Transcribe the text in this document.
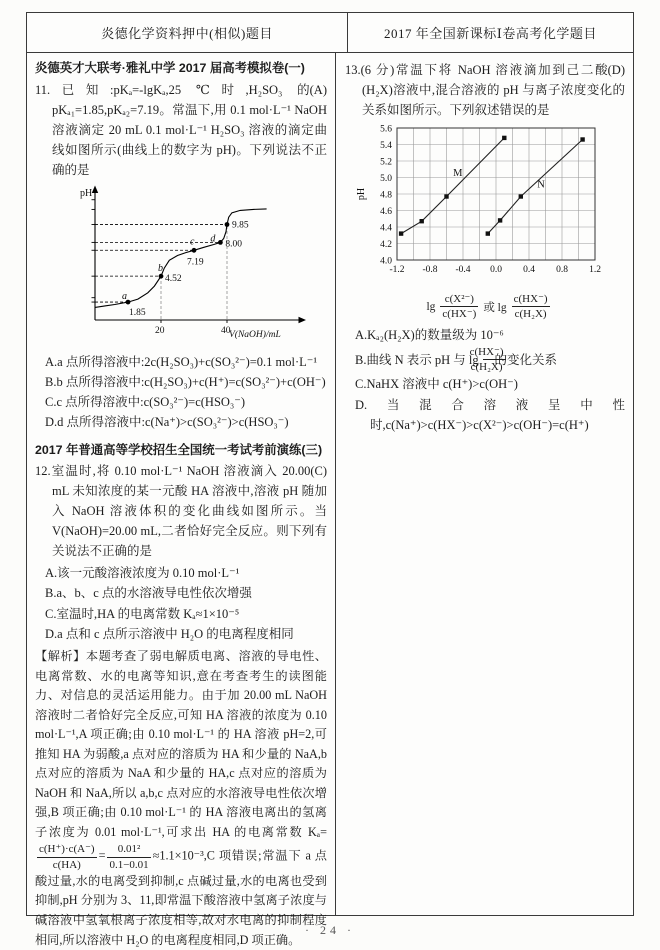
炎德化学资料押中(相似)题目	2017 年全国新课标Ⅰ卷高考化学题目
炎德英才大联考·雅礼中学 2017 届高考模拟卷(一)

(A)
11.已知:pKₐ=-lgKₐ,25 ℃时,H₂SO₃ 的 pKₐ₁=1.85,pKₐ₂=7.19。常温下,用 0.1 mol·L⁻¹ NaOH 溶液滴定 20 mL 0.1 mol·L⁻¹ H₂SO₃ 溶液的滴定曲线如图所示(曲线上的数字为 pH)。下列说法不正确的是

pH
V(NaOH)/mL
20	40
a
1.85
b
4.52
c
7.19
d 8.00
9.85
A.a 点所得溶液中:2c(H₂SO₃)+c(SO₃²⁻)=0.1 mol·L⁻¹
B.b 点所得溶液中:c(H₂SO₃)+c(H⁺)=c(SO₃²⁻)+c(OH⁻)
C.c 点所得溶液中:c(SO₃²⁻)=c(HSO₃⁻)
D.d 点所得溶液中:c(Na⁺)>c(SO₃²⁻)>c(HSO₃⁻)
2017 年普通高等学校招生全国统一考试考前演练(三)

(C)
12.室温时,将 0.10 mol·L⁻¹ NaOH 溶液滴入 20.00 mL 未知浓度的某一元酸 HA 溶液中,溶液 pH 随加入 NaOH 溶液体积的变化曲线如图所示。当 V(NaOH)=20.00 mL,二者恰好完全反应。则下列有关说法不正确的是

A.该一元酸溶液浓度为 0.10 mol·L⁻¹
B.a、b、c 点的水溶液导电性依次增强
C.室温时,HA 的电离常数 Kₐ≈1×10⁻⁵
D.a 点和 c 点所示溶液中 H₂O 的电离程度相同

【解析】本题考查了弱电解质电离、溶液的导电性、电离常数、水的电离等知识,意在考查考生的读图能力、对信息的灵活运用能力。由于加 20.00 mL NaOH 溶液时二者恰好完全反应,可知 HA 溶液的浓度为 0.10 mol·L⁻¹,A 项正确;由 0.10 mol·L⁻¹ 的 HA 溶液 pH=2,可推知 HA 为弱酸,a 点对应的溶质为 HA 和少量的 NaA,b 点对应的溶质为 NaA 和少量的 HA,c 点对应的溶质为 NaOH 和 NaA,所以 a,b,c 点对应的水溶液导电性依次增强,B 项正确;由 0.10 mol·L⁻¹ 的 HA 溶液电离出的氢离子浓度为 0.01 mol·L⁻¹,可求出 HA 的电离常数 Kₐ=
$\frac{c(H^+)\cdot c(A^-)}{c(HA)} = \frac{\text{0.01²}}{0.1-0.01} \approx 1.1\times 10^{-3},C$ 项错误;常温下 a 点酸过量,水的电离受到抑制,c 点碱过量,水的电离也受到抑制,pH 分别为 3、11,即常温下酸溶液中氢离子浓度与碱溶液中氢氧根离子浓度相等,故对水电离的抑制程度相同,所以溶液中 H₂O 的电离程度相同,D 项正确。

(D)
13.(6 分)常温下将 NaOH 溶液滴加到己二酸(H₂X)溶液中,混合溶液的 pH 与离子浓度变化的关系如图所示。下列叙述错误的是

4.0
4.2
4.4
4.6
4.8
5.0
5.2
5.4
5.6
-1.2 -0.8 -0.4 0.0 0.4 0.8 1.2
pH
M
N
$\lg \frac{\text{c(X²⁻)}}{c(HX^-)}$ 或 $\lg \frac{c(HX^-)}{\text{c(H₂X)}}$
A.Kₐ₂(H₂X)的数量级为 10⁻⁶
B.曲线 N 表示 pH 与 $\lg \frac{c(HX^-)}{\text{c(H₂X)}}$
的变化关系
C.NaHX 溶液中 c(H⁺)>c(OH⁻)
D.当混合溶液呈中性时,c(Na⁺)>c(HX⁻)>c(X²⁻)>c(OH⁻)=c(H⁺)
· 24 ·
